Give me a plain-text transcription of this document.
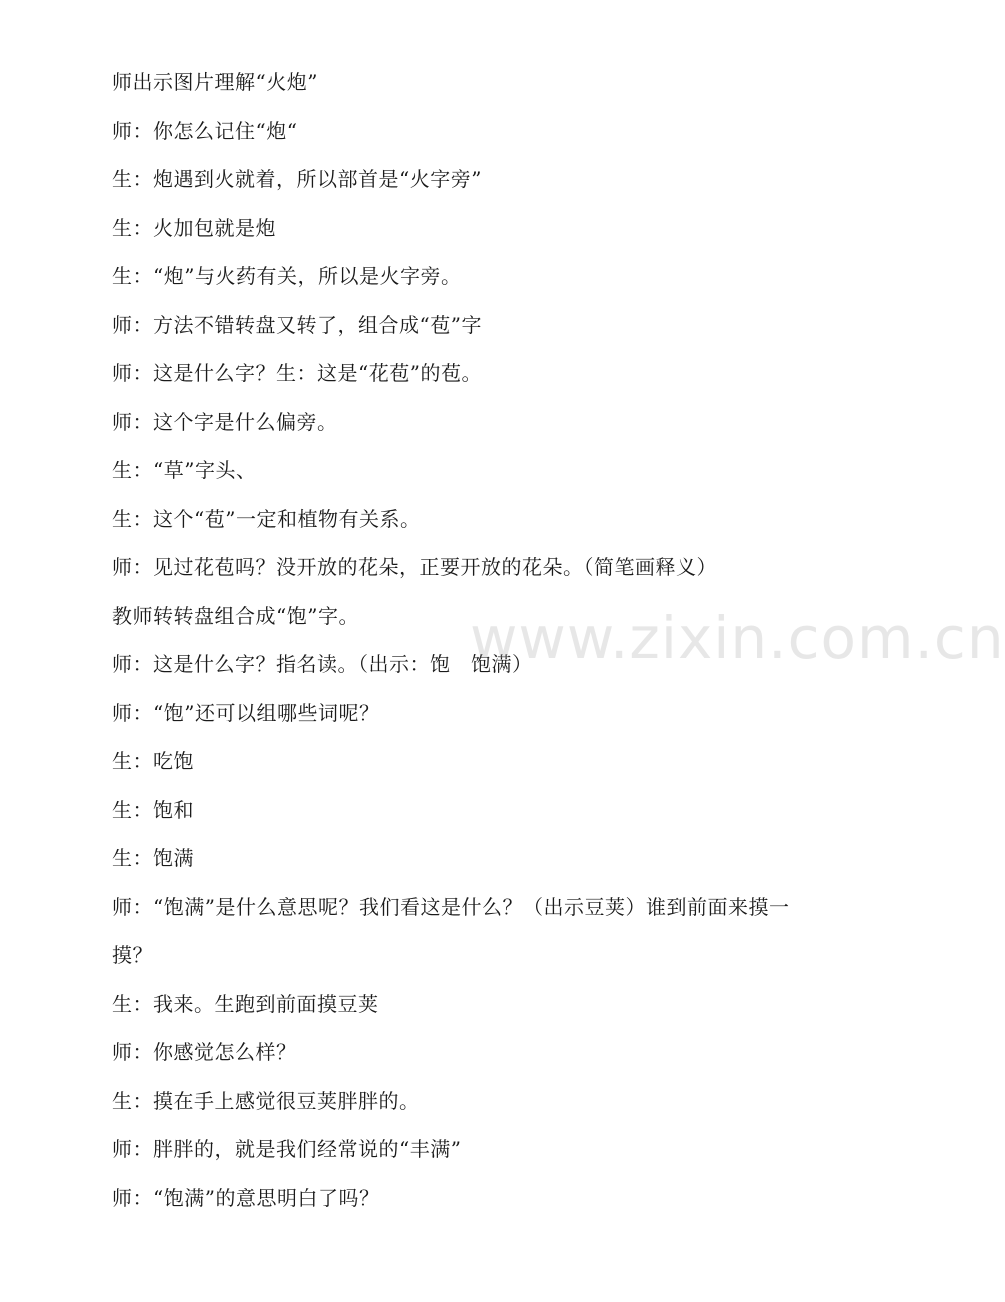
师出示图片理解“火炮”
师：你怎么记住“炮“
生：炮遇到火就着，所以部首是“火字旁”
生：火加包就是炮
生：“炮”与火药有关，所以是火字旁。
师：方法不错转盘又转了，组合成“苞”字
师：这是什么字？生：这是“花苞”的苞。
师：这个字是什么偏旁。
生：“草”字头、
生：这个“苞”一定和植物有关系。
师：见过花苞吗？没开放的花朵，正要开放的花朵。（简笔画释义）
教师转转盘组合成“饱”字。
师：这是什么字？指名读。（出示：饱　饱满）
师：“饱”还可以组哪些词呢？
生：吃饱
生：饱和
生：饱满
师：“饱满”是什么意思呢？我们看这是什么？（出示豆荚）谁到前面来摸一
摸？
生：我来。生跑到前面摸豆荚
师：你感觉怎么样？
生：摸在手上感觉很豆荚胖胖的。
师：胖胖的，就是我们经常说的“丰满”
师：“饱满”的意思明白了吗？
www.zixin.com.cn
